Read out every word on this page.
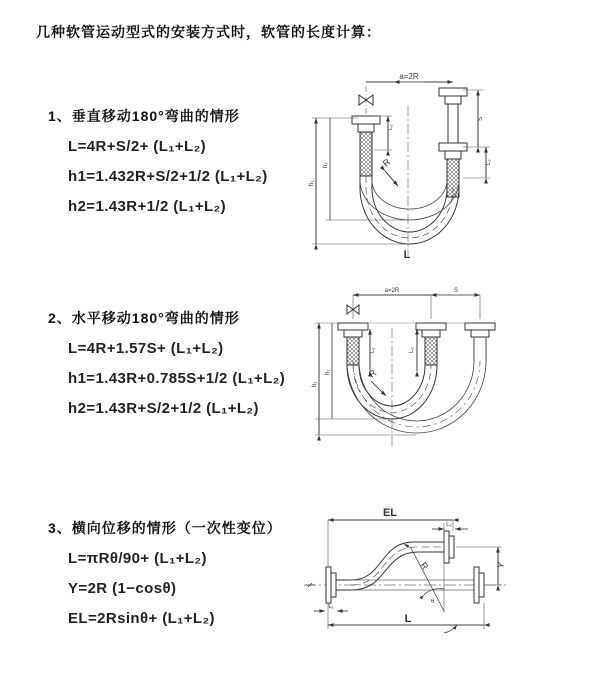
几种软管运动型式的安装方式时，软管的长度计算：
1、垂直移动180°弯曲的情形

L=4R+S/2+ (L₁+L₂)

h1=1.432R+S/2+1/2 (L₁+L₂)

h2=1.43R+1/2 (L₁+L₂)

2、水平移动180°弯曲的情形

L=4R+1.57S+ (L₁+L₂)

h1=1.43R+0.785S+1/2 (L₁+L₂)

h2=1.43R+S/2+1/2 (L₁+L₂)

3、横向位移的情形（一次性变位）

L=πRθ/90+ (L₁+L₂)

Y=2R (1−cosθ)

EL=2Rsinθ+ (L₁+L₂)

a=2R
R
h₁
h₂
L₁
S
L₂
L
a=2R	S
R
h₁
h₂
L₁	L₂
EL
L₂
Y
R
θ
L₁
L
